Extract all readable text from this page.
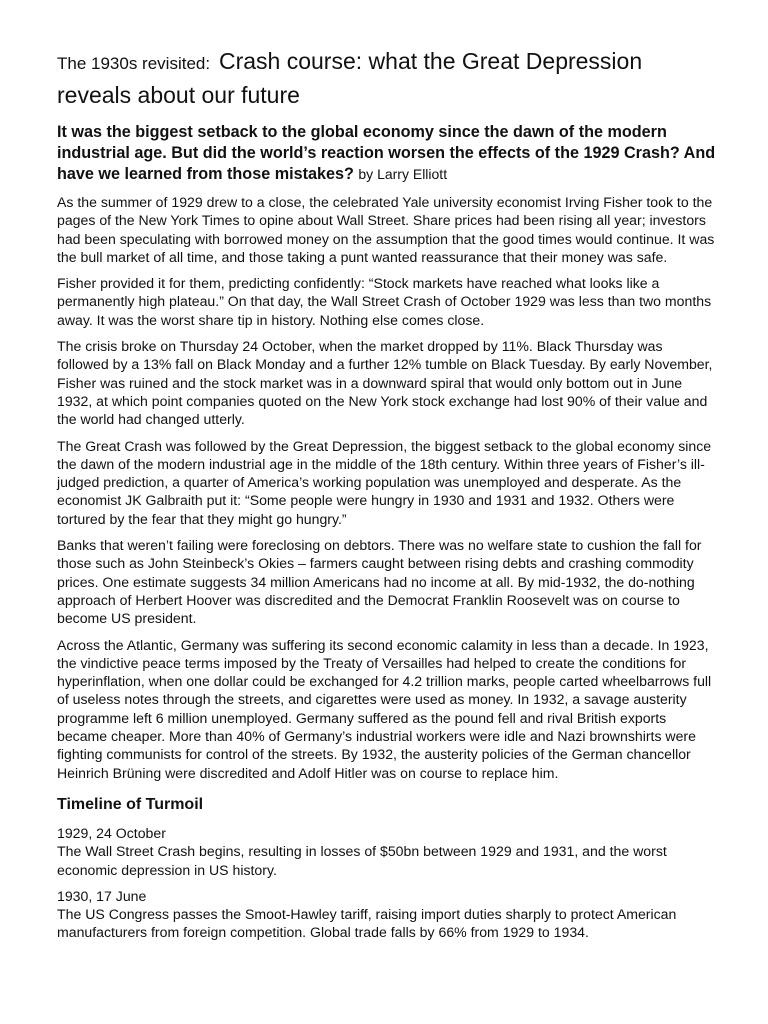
The 1930s revisited: Crash course: what the Great Depression reveals about our future

It was the biggest setback to the global economy since the dawn of the modern industrial age. But did the world’s reaction worsen the effects of the 1929 Crash? And have we learned from those mistakes? by Larry Elliott

As the summer of 1929 drew to a close, the celebrated Yale university economist Irving Fisher took to the pages of the New York Times to opine about Wall Street. Share prices had been rising all year; investors had been speculating with borrowed money on the assumption that the good times would continue. It was the bull market of all time, and those taking a punt wanted reassurance that their money was safe.

Fisher provided it for them, predicting confidently: “Stock markets have reached what looks like a permanently high plateau.” On that day, the Wall Street Crash of October 1929 was less than two months away. It was the worst share tip in history. Nothing else comes close.

The crisis broke on Thursday 24 October, when the market dropped by 11%. Black Thursday was followed by a 13% fall on Black Monday and a further 12% tumble on Black Tuesday. By early November, Fisher was ruined and the stock market was in a downward spiral that would only bottom out in June 1932, at which point companies quoted on the New York stock exchange had lost 90% of their value and the world had changed utterly.

The Great Crash was followed by the Great Depression, the biggest setback to the global economy since the dawn of the modern industrial age in the middle of the 18th century. Within three years of Fisher’s ill-judged prediction, a quarter of America’s working population was unemployed and desperate. As the economist JK Galbraith put it: “Some people were hungry in 1930 and 1931 and 1932. Others were tortured by the fear that they might go hungry.”

Banks that weren’t failing were foreclosing on debtors. There was no welfare state to cushion the fall for those such as John Steinbeck’s Okies – farmers caught between rising debts and crashing commodity prices. One estimate suggests 34 million Americans had no income at all. By mid-1932, the do-nothing approach of Herbert Hoover was discredited and the Democrat Franklin Roosevelt was on course to become US president.

Across the Atlantic, Germany was suffering its second economic calamity in less than a decade. In 1923, the vindictive peace terms imposed by the Treaty of Versailles had helped to create the conditions for hyperinflation, when one dollar could be exchanged for 4.2 trillion marks, people carted wheelbarrows full of useless notes through the streets, and cigarettes were used as money. In 1932, a savage austerity programme left 6 million unemployed. Germany suffered as the pound fell and rival British exports became cheaper. More than 40% of Germany’s industrial workers were idle and Nazi brownshirts were fighting communists for control of the streets. By 1932, the austerity policies of the German chancellor Heinrich Brüning were discredited and Adolf Hitler was on course to replace him.

Timeline of Turmoil
1929, 24 October
The Wall Street Crash begins, resulting in losses of $50bn between 1929 and 1931, and the worst economic depression in US history.
1930, 17 June
The US Congress passes the Smoot-Hawley tariff, raising import duties sharply to protect American manufacturers from foreign competition. Global trade falls by 66% from 1929 to 1934.
